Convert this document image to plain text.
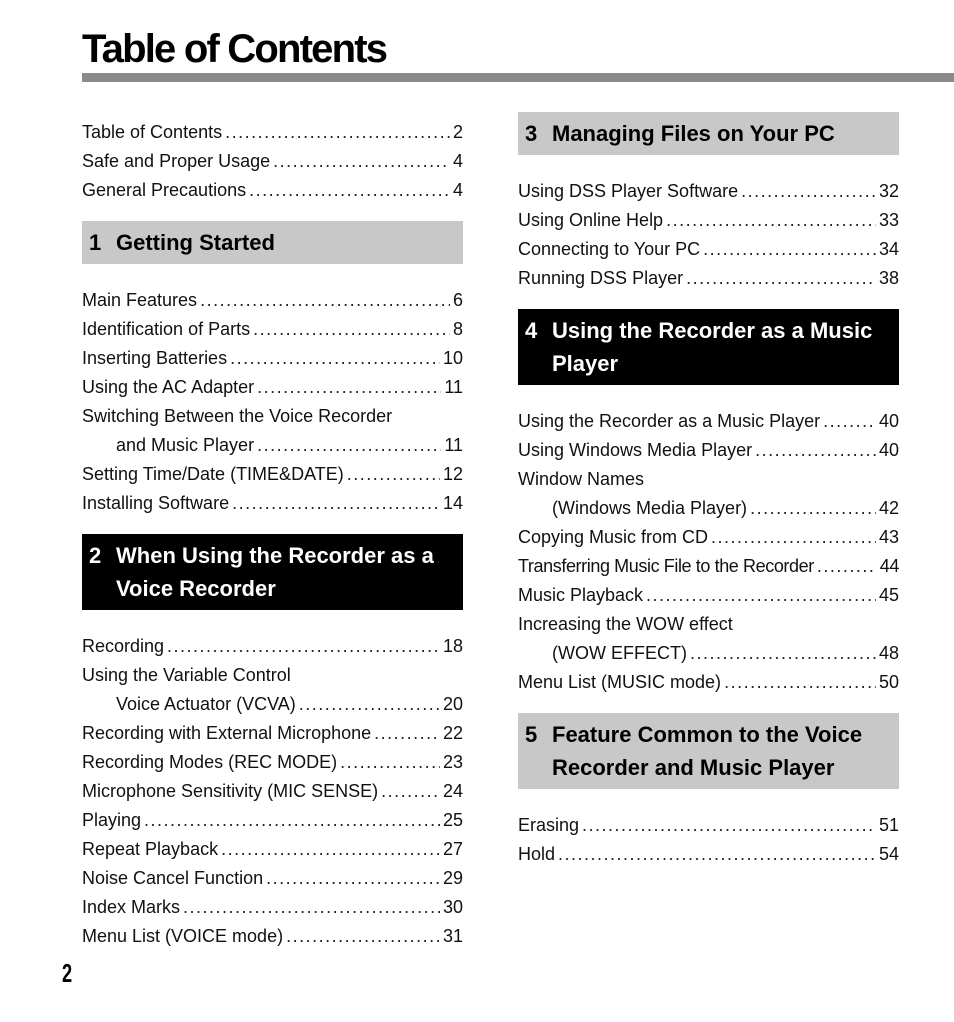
Table of Contents
Table of Contents .....	2
Safe and Proper Usage .....	4
General Precautions .....	4
1 Getting Started
Main Features .....	6
Identification of Parts .....	8
Inserting Batteries .....	10
Using the AC Adapter .....	11
Switching Between the Voice Recorder
and Music Player .....	11
Setting Time/Date (TIME&DATE) .....	12
Installing Software .....	14
2 When Using the Recorder as a Voice Recorder
Recording .....	18
Using the Variable Control
Voice Actuator (VCVA) .....	20
Recording with External Microphone .....	22
Recording Modes (REC MODE) .....	23
Microphone Sensitivity (MIC SENSE) .....	24
Playing .....	25
Repeat Playback .....	27
Noise Cancel Function .....	29
Index Marks .....	30
Menu List (VOICE mode) .....	31
3 Managing Files on Your PC
Using DSS Player Software .....	32
Using Online Help .....	33
Connecting to Your PC .....	34
Running DSS Player .....	38
4 Using the Recorder as a Music Player
Using the Recorder as a Music Player .....	40
Using Windows Media Player .....	40
Window Names
(Windows Media Player) .....	42
Copying Music from CD .....	43
Transferring Music File to the Recorder .....	44
Music Playback .....	45
Increasing the WOW effect
(WOW EFFECT) .....	48
Menu List (MUSIC mode) .....	50
5 Feature Common to the Voice Recorder and Music Player
Erasing .....	51
Hold .....	54
2
